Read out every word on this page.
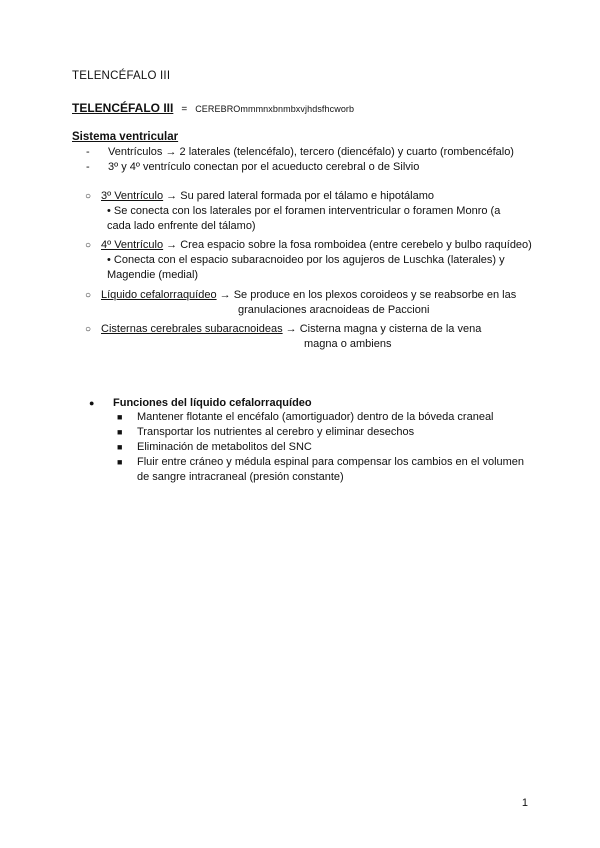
TELENCÉFALO III
TELENCÉFALO III = CEREBROmmmnxbnmbxvjhdsfhcworb
Sistema ventricular
- Ventrículos → 2 laterales (telencéfalo), tercero (diencéfalo) y cuarto (rombencéfalo)
- 3º y 4º ventrículo conectan por el acueducto cerebral o de Silvio
○ 3º Ventrículo → Su pared lateral formada por el tálamo e hipotálamo
• Se conecta con los laterales por el foramen interventricular o foramen Monro (a
cada lado enfrente del tálamo)
○ 4º Ventrículo → Crea espacio sobre la fosa romboidea (entre cerebelo y bulbo raquídeo)
• Conecta con el espacio subaracnoideo por los agujeros de Luschka (laterales) y
Magendie (medial)
○ Líquido cefalorraquídeo → Se produce en los plexos coroideos y se reabsorbe en las
granulaciones aracnoideas de Paccioni
○ Cisternas cerebrales subaracnoideas → Cisterna magna y cisterna de la vena
magna o ambiens
● Funciones del líquido cefalorraquídeo
■ Mantener flotante el encéfalo (amortiguador) dentro de la bóveda craneal
■ Transportar los nutrientes al cerebro y eliminar desechos
■ Eliminación de metabolitos del SNC
■ Fluir entre cráneo y médula espinal para compensar los cambios en el volumen
de sangre intracraneal (presión constante)
1
